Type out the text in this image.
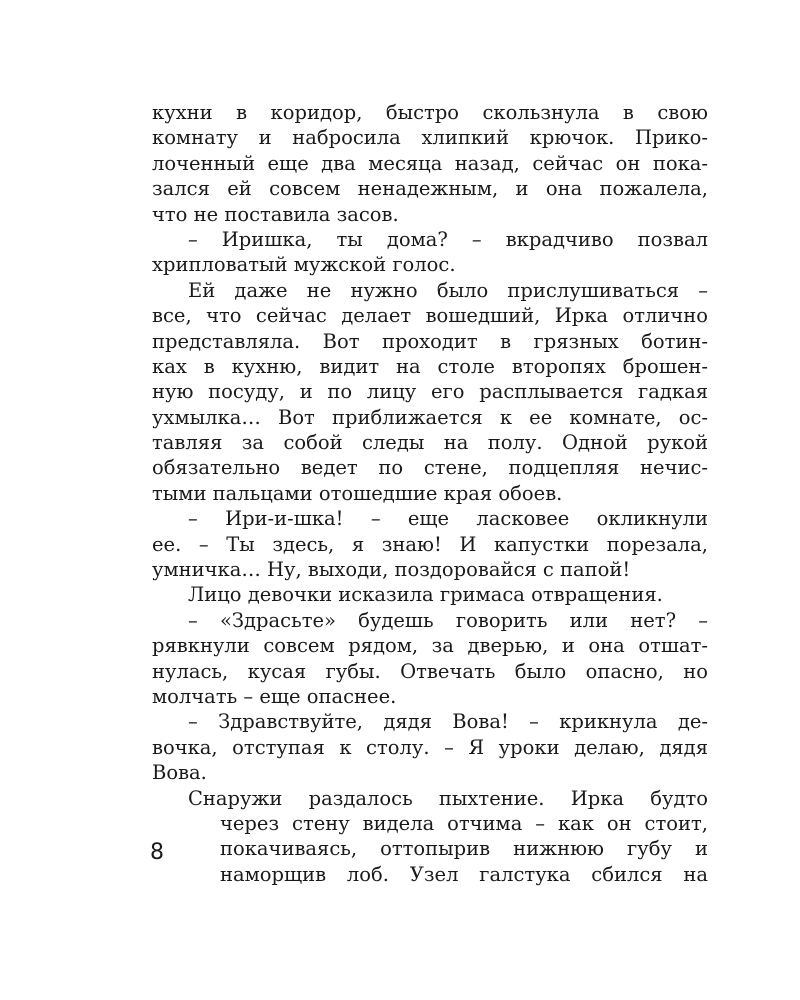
кухни в коридор, быстро скользнула в свою
комнату и набросила хлипкий крючок. Прико-
лоченный еще два месяца назад, сейчас он пока-
зался ей совсем ненадежным, и она пожалела,
что не поставила засов.
– Иришка, ты дома? – вкрадчиво позвал
хрипловатый мужской голос.
Ей даже не нужно было прислушиваться –
все, что сейчас делает вошедший, Ирка отлично
представляла. Вот проходит в грязных ботин-
ках в кухню, видит на столе второпях брошен-
ную посуду, и по лицу его расплывается гадкая
ухмылка… Вот приближается к ее комнате, ос-
тавляя за собой следы на полу. Одной рукой
обязательно ведет по стене, подцепляя нечис-
тыми пальцами отошедшие края обоев.
– Ири-и-шка! – еще ласковее окликнули
ее. – Ты здесь, я знаю! И капустки порезала,
умничка… Ну, выходи, поздоровайся с папой!
Лицо девочки исказила гримаса отвращения.
– «Здрасьте» будешь говорить или нет? –
рявкнули совсем рядом, за дверью, и она отшат-
нулась, кусая губы. Отвечать было опасно, но
молчать – еще опаснее.
– Здравствуйте, дядя Вова! – крикнула де-
вочка, отступая к столу. – Я уроки делаю, дядя
Вова.
Снаружи раздалось пыхтение. Ирка будто
через стену видела отчима – как он стоит,
покачиваясь, оттопырив нижнюю губу и
наморщив лоб. Узел галстука сбился на
8
